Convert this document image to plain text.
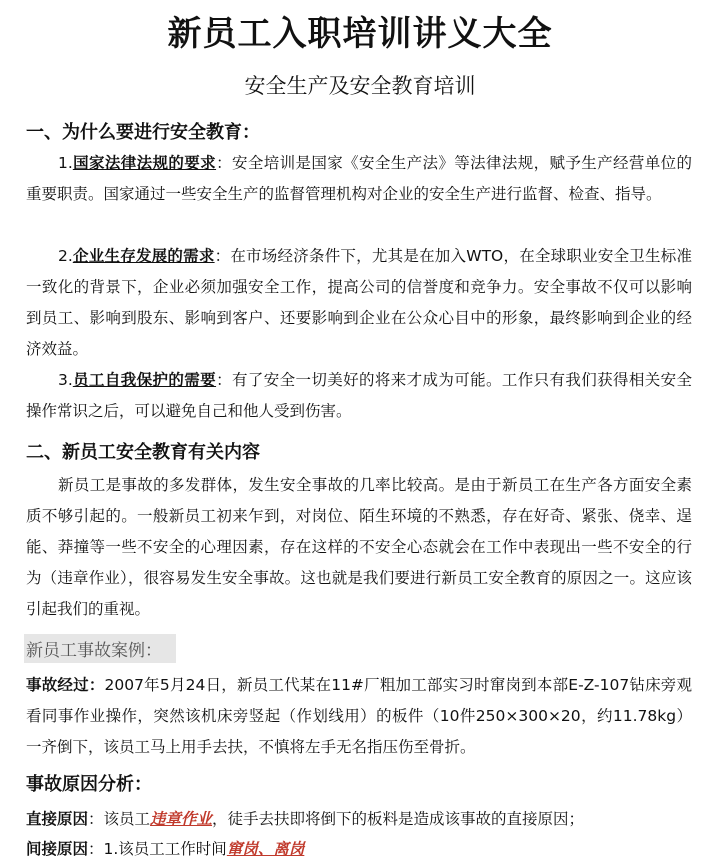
新员工入职培训讲义大全
安全生产及安全教育培训
一、为什么要进行安全教育：
1.国家法律法规的要求：安全培训是国家《安全生产法》等法律法规，赋予生产经营单位的重要职责。国家通过一些安全生产的监督管理机构对企业的安全生产进行监督、检查、指导。
2.企业生存发展的需求：在市场经济条件下，尤其是在加入WTO，在全球职业安全卫生标准一致化的背景下，企业必须加强安全工作，提高公司的信誉度和竞争力。安全事故不仅可以影响到员工、影响到股东、影响到客户、还要影响到企业在公众心目中的形象，最终影响到企业的经济效益。
3.员工自我保护的需要：有了安全一切美好的将来才成为可能。工作只有我们获得相关安全操作常识之后，可以避免自己和他人受到伤害。
二、新员工安全教育有关内容
新员工是事故的多发群体，发生安全事故的几率比较高。是由于新员工在生产各方面安全素质不够引起的。一般新员工初来乍到，对岗位、陌生环境的不熟悉，存在好奇、紧张、侥幸、逞能、莽撞等一些不安全的心理因素，存在这样的不安全心态就会在工作中表现出一些不安全的行为（违章作业），很容易发生安全事故。这也就是我们要进行新员工安全教育的原因之一。这应该引起我们的重视。
新员工事故案例：
事故经过：2007年5月24日，新员工代某在11#厂粗加工部实习时窜岗到本部E-Z-107钻床旁观看同事作业操作，突然该机床旁竖起（作划线用）的板件（10件250×300×20，约11.78kg）一齐倒下，该员工马上用手去扶，不慎将左手无名指压伤至骨折。
事故原因分析：
直接原因：该员工违章作业，徒手去扶即将倒下的板料是造成该事故的直接原因；
间接原因：1.该员工工作时间窜岗、离岗
